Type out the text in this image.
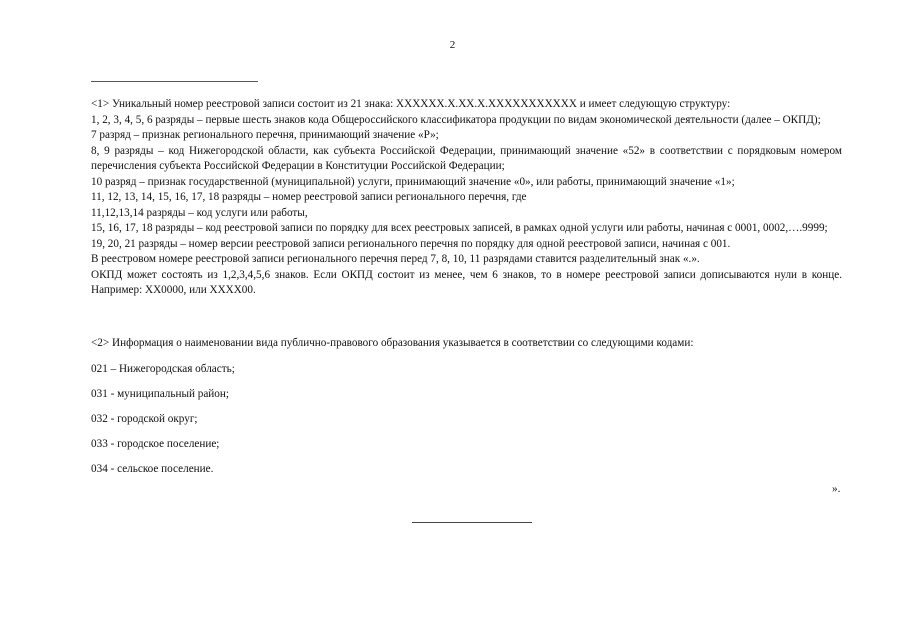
2

<1> Уникальный номер реестровой записи состоит из 21 знака: ХХХХХХ.Х.ХХ.Х.ХХХХХХХХХХХ и имеет следующую структуру:

1, 2, 3, 4, 5, 6 разряды – первые шесть знаков кода Общероссийского классификатора продукции по видам экономической деятельности (далее – ОКПД);

7 разряд – признак регионального перечня, принимающий значение «Р»;

8, 9 разряды – код Нижегородской области, как субъекта Российской Федерации, принимающий значение «52» в соответствии с порядковым номером перечисления субъекта Российской Федерации в Конституции Российской Федерации;

10 разряд – признак государственной (муниципальной) услуги, принимающий значение «0», или работы, принимающий значение «1»;

11, 12, 13, 14, 15, 16, 17, 18 разряды – номер реестровой записи регионального перечня, где

11,12,13,14 разряды – код услуги или работы,

15, 16, 17, 18 разряды – код реестровой записи по порядку для всех реестровых записей, в рамках одной услуги или работы, начиная с 0001, 0002,….9999;

19, 20, 21 разряды – номер версии реестровой записи регионального перечня по порядку для одной реестровой записи, начиная с 001.

В реестровом номере реестровой записи регионального перечня перед 7, 8, 10, 11 разрядами ставится разделительный знак «.».

ОКПД может состоять из 1,2,3,4,5,6 знаков. Если ОКПД состоит из менее, чем 6 знаков, то в номере реестровой записи дописываются нули в конце. Например: ХХ0000, или ХХХХ00.

<2> Информация о наименовании вида публично-правового образования указывается в соответствии со следующими кодами:
021 – Нижегородская область;
031 - муниципальный район;
032 - городской округ;
033 - городское поселение;
034 - сельское поселение.
».
